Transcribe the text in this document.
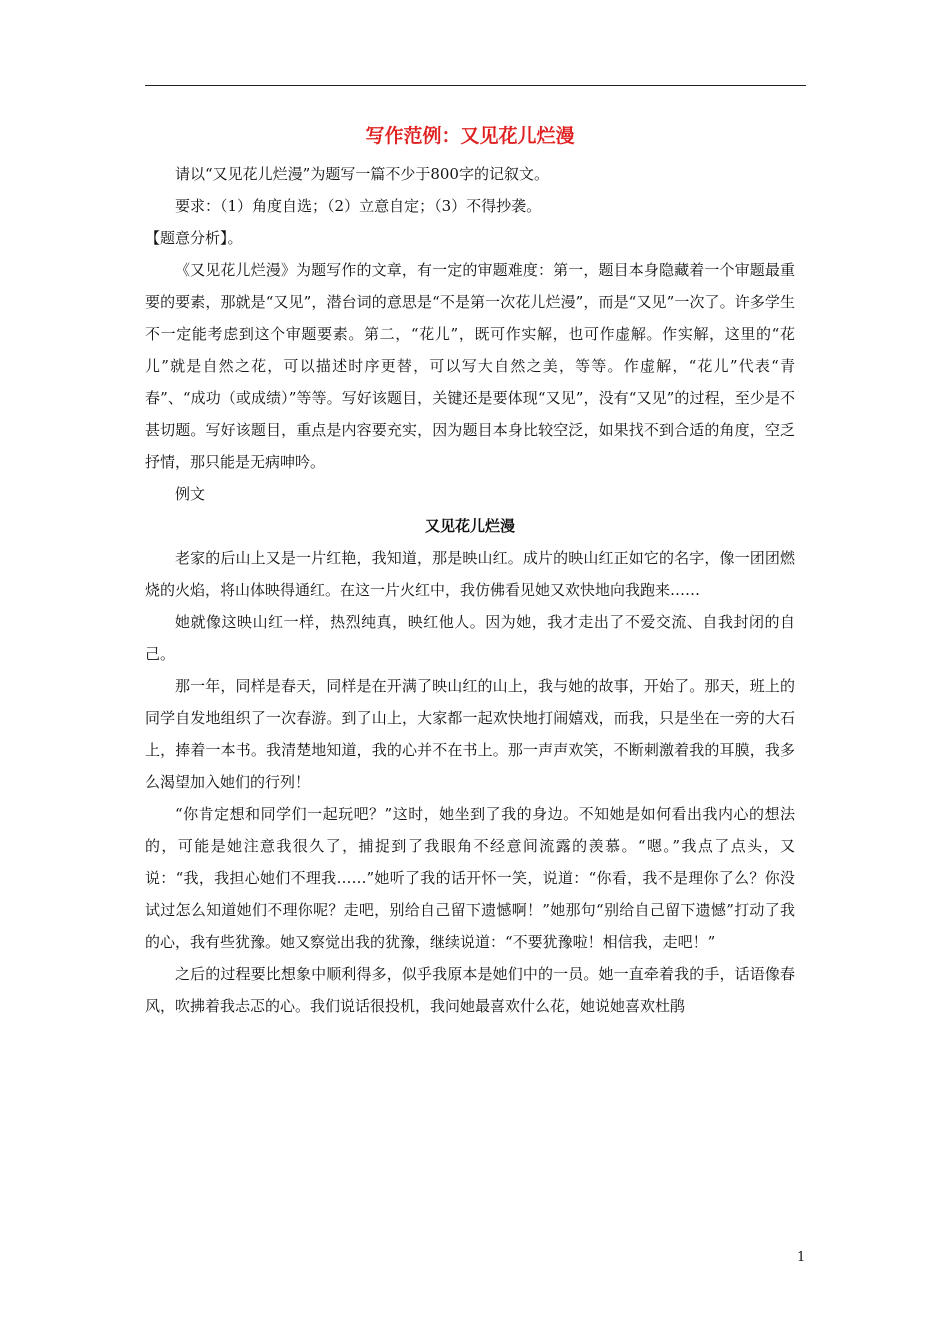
写作范例：又见花儿烂漫

请以“又见花儿烂漫”为题写一篇不少于800字的记叙文。

要求：（1）角度自选；（2）立意自定；（3）不得抄袭。

【题意分析】。

《又见花儿烂漫》为题写作的文章，有一定的审题难度：第一，题目本身隐藏着一个审题最重要的要素，那就是“又见”，潜台词的意思是“不是第一次花儿烂漫”，而是“又见”一次了。许多学生不一定能考虑到这个审题要素。第二，“花儿”，既可作实解，也可作虚解。作实解，这里的“花儿”就是自然之花，可以描述时序更替，可以写大自然之美，等等。作虚解，“花儿”代表“青春”、“成功（或成绩）”等等。写好该题目，关键还是要体现“又见”，没有“又见”的过程，至少是不甚切题。写好该题目，重点是内容要充实，因为题目本身比较空泛，如果找不到合适的角度，空乏抒情，那只能是无病呻吟。

例文

又见花儿烂漫

老家的后山上又是一片红艳，我知道，那是映山红。成片的映山红正如它的名字，像一团团燃烧的火焰，将山体映得通红。在这一片火红中，我仿佛看见她又欢快地向我跑来……

她就像这映山红一样，热烈纯真，映红他人。因为她，我才走出了不爱交流、自我封闭的自己。

那一年，同样是春天，同样是在开满了映山红的山上，我与她的故事，开始了。那天，班上的同学自发地组织了一次春游。到了山上，大家都一起欢快地打闹嬉戏，而我，只是坐在一旁的大石上，捧着一本书。我清楚地知道，我的心并不在书上。那一声声欢笑，不断刺激着我的耳膜，我多么渴望加入她们的行列！

“你肯定想和同学们一起玩吧？”这时，她坐到了我的身边。不知她是如何看出我内心的想法的，可能是她注意我很久了，捕捉到了我眼角不经意间流露的羡慕。“嗯。”我点了点头，又说：“我，我担心她们不理我……”她听了我的话开怀一笑，说道：“你看，我不是理你了么？你没试过怎么知道她们不理你呢？走吧，别给自己留下遗憾啊！”她那句“别给自己留下遗憾”打动了我的心，我有些犹豫。她又察觉出我的犹豫，继续说道：“不要犹豫啦！相信我，走吧！”

之后的过程要比想象中顺利得多，似乎我原本是她们中的一员。她一直牵着我的手，话语像春风，吹拂着我忐忑的心。我们说话很投机，我问她最喜欢什么花，她说她喜欢杜鹃

1
